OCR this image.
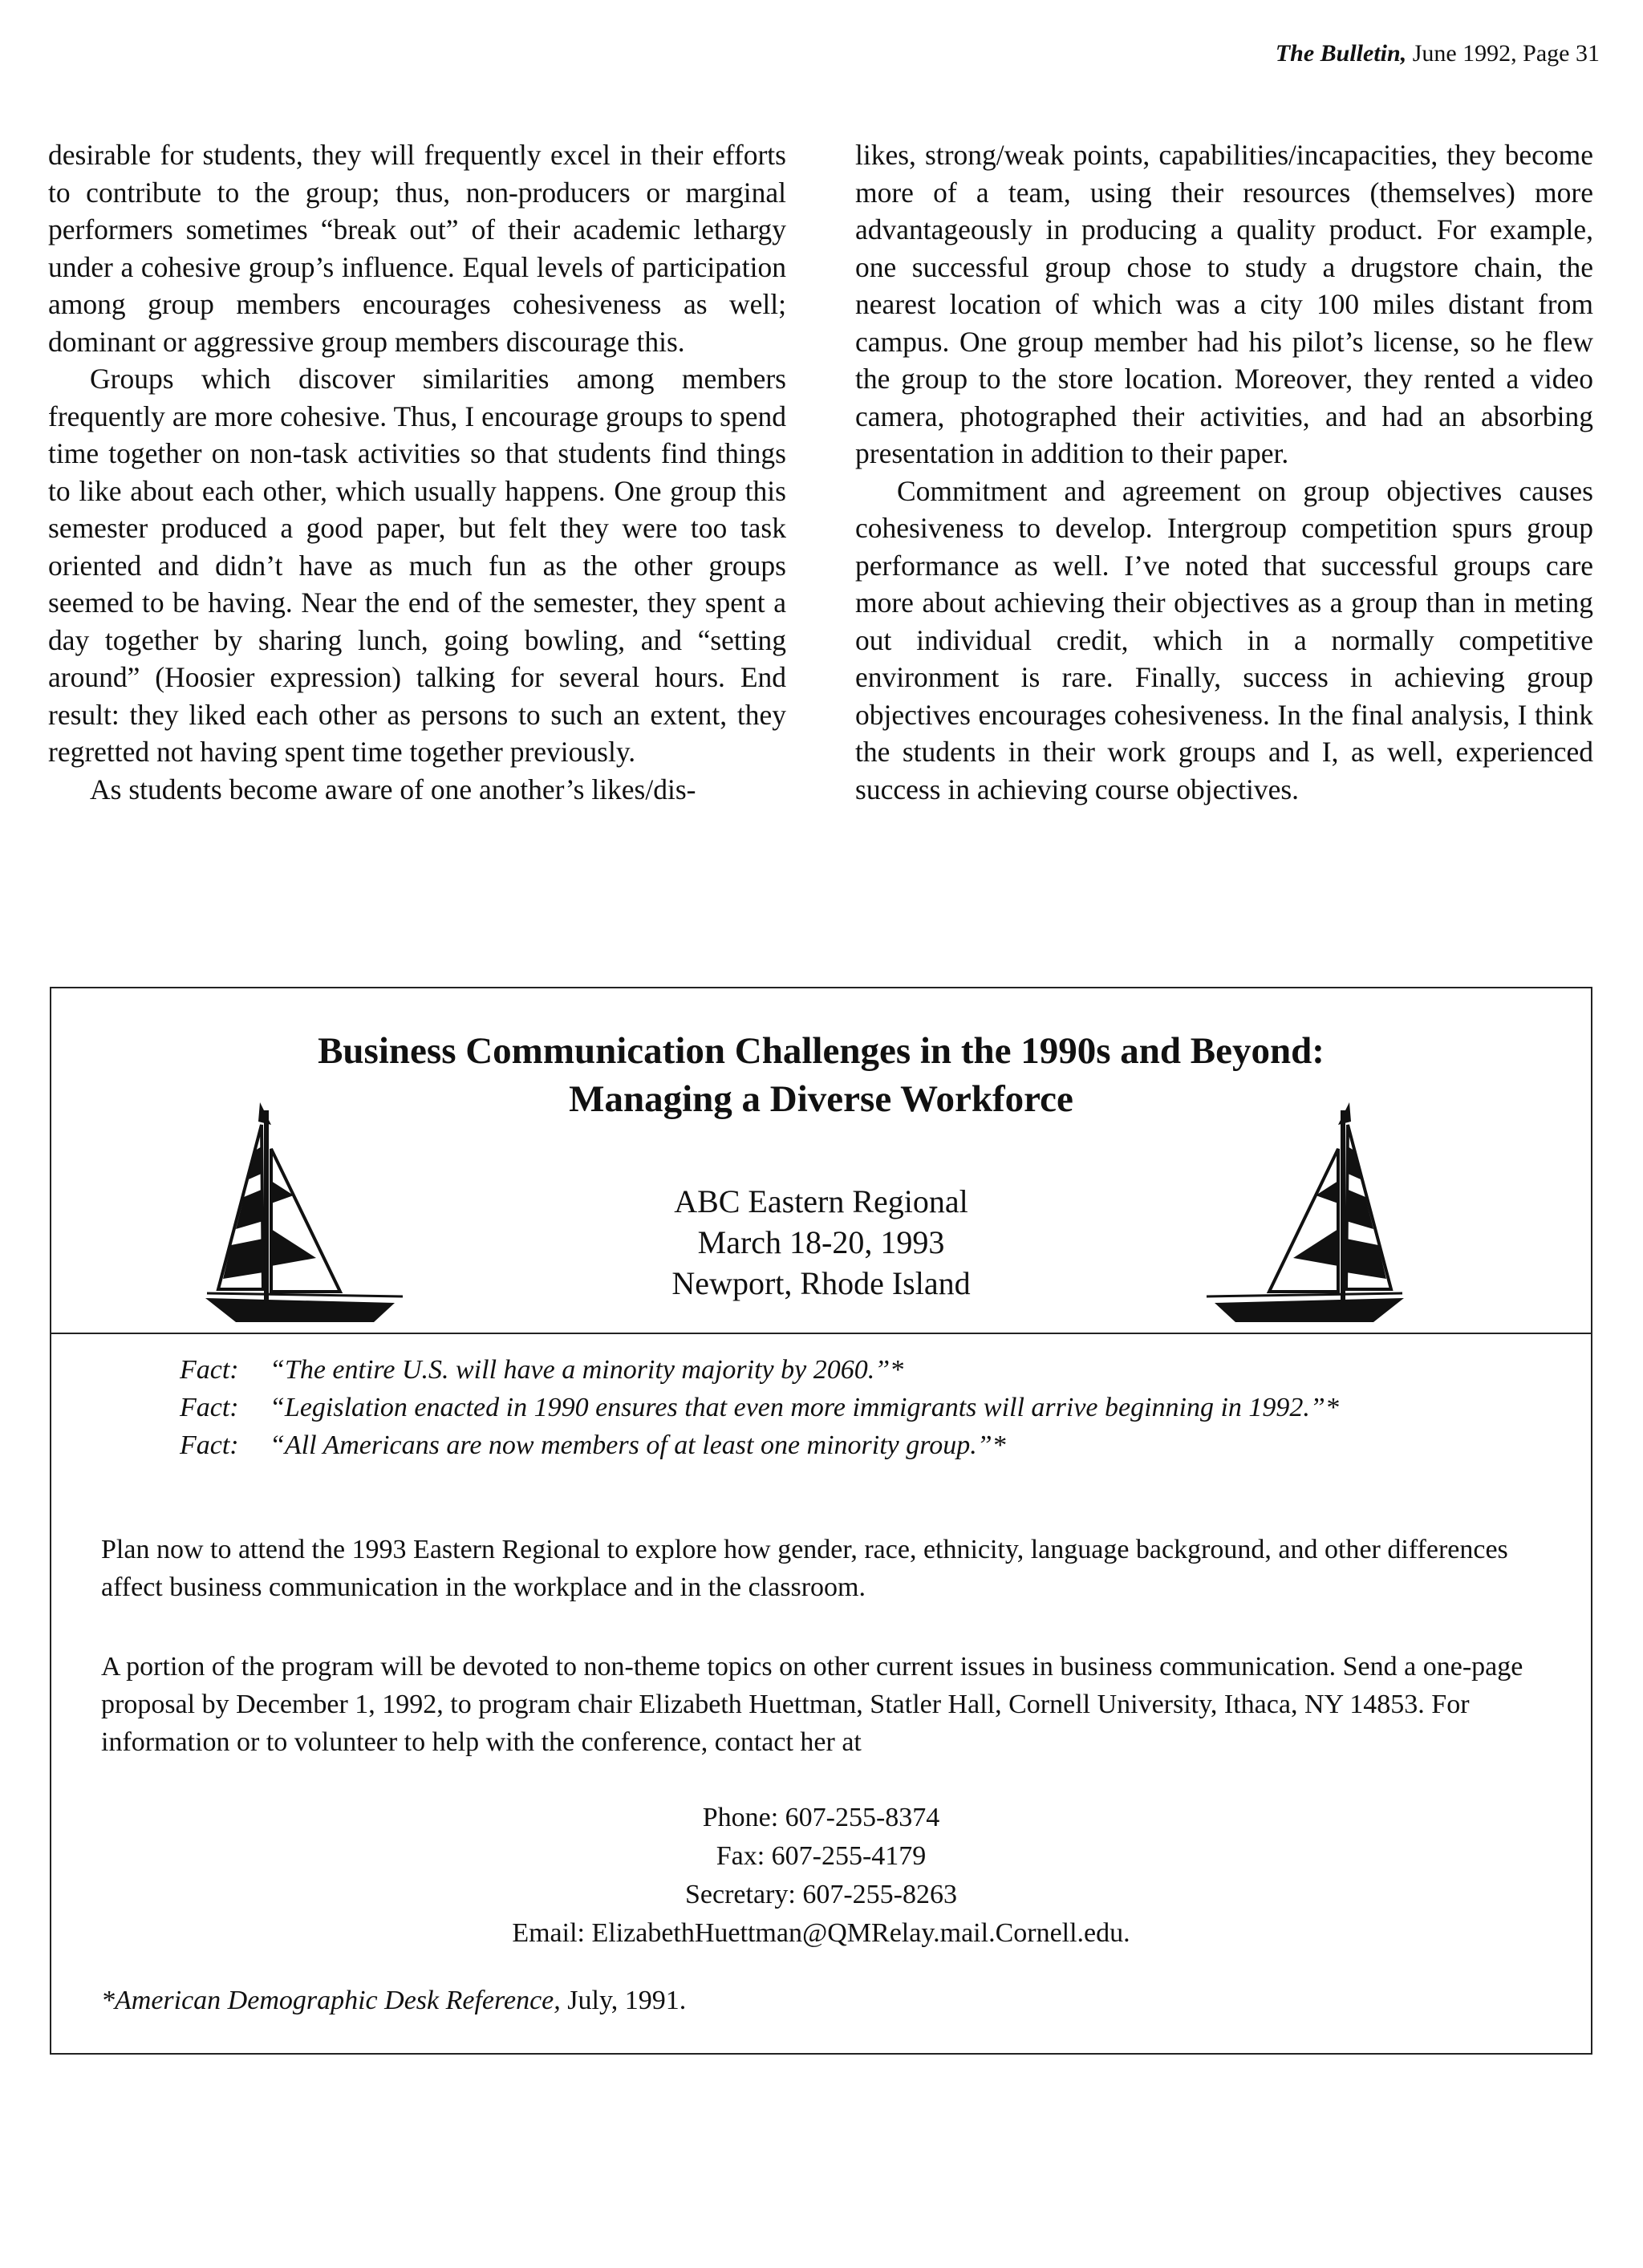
The Bulletin, June 1992, Page 31

desirable for students, they will frequently excel in their efforts to contribute to the group; thus, non-producers or marginal performers sometimes “break out” of their academic lethargy under a cohesive group’s influence. Equal levels of participation among group members encourages cohesiveness as well; dominant or aggressive group members discourage this.

Groups which discover similarities among members frequently are more cohesive. Thus, I encourage groups to spend time together on non-task activities so that students find things to like about each other, which usually happens. One group this semester produced a good paper, but felt they were too task oriented and didn’t have as much fun as the other groups seemed to be having. Near the end of the semester, they spent a day together by sharing lunch, going bowling, and “setting around” (Hoosier expression) talking for several hours. End result: they liked each other as persons to such an extent, they regretted not having spent time together previously.

As students become aware of one another’s likes/dis-

likes, strong/weak points, capabilities/incapacities, they become more of a team, using their resources (themselves) more advantageously in producing a quality product. For example, one successful group chose to study a drugstore chain, the nearest location of which was a city 100 miles distant from campus. One group member had his pilot’s license, so he flew the group to the store location. Moreover, they rented a video camera, photographed their activities, and had an absorbing presentation in addition to their paper.

Commitment and agreement on group objectives causes cohesiveness to develop. Intergroup competition spurs group performance as well. I’ve noted that successful groups care more about achieving their objectives as a group than in meting out individual credit, which in a normally competitive environment is rare. Finally, success in achieving group objectives encourages cohesiveness. In the final analysis, I think the students in their work groups and I, as well, experienced success in achieving course objectives.

Business Communication Challenges in the 1990s and Beyond:
Managing a Diverse Workforce
ABC Eastern Regional
March 18-20, 1993
Newport, Rhode Island
Fact:	“The entire U.S. will have a minority majority by 2060.”*
Fact:	“Legislation enacted in 1990 ensures that even more immigrants will arrive beginning in 1992.”*
Fact:	“All Americans are now members of at least one minority group.”*

Plan now to attend the 1993 Eastern Regional to explore how gender, race, ethnicity, language background, and other differences affect business communication in the workplace and in the classroom.

A portion of the program will be devoted to non-theme topics on other current issues in business communication. Send a one-page proposal by December 1, 1992, to program chair Elizabeth Huettman, Statler Hall, Cornell University, Ithaca, NY 14853. For information or to volunteer to help with the conference, contact her at

Phone: 607-255-8374
Fax: 607-255-4179
Secretary: 607-255-8263
Email: ElizabethHuettman@QMRelay.mail.Cornell.edu.
*American Demographic Desk Reference, July, 1991.
